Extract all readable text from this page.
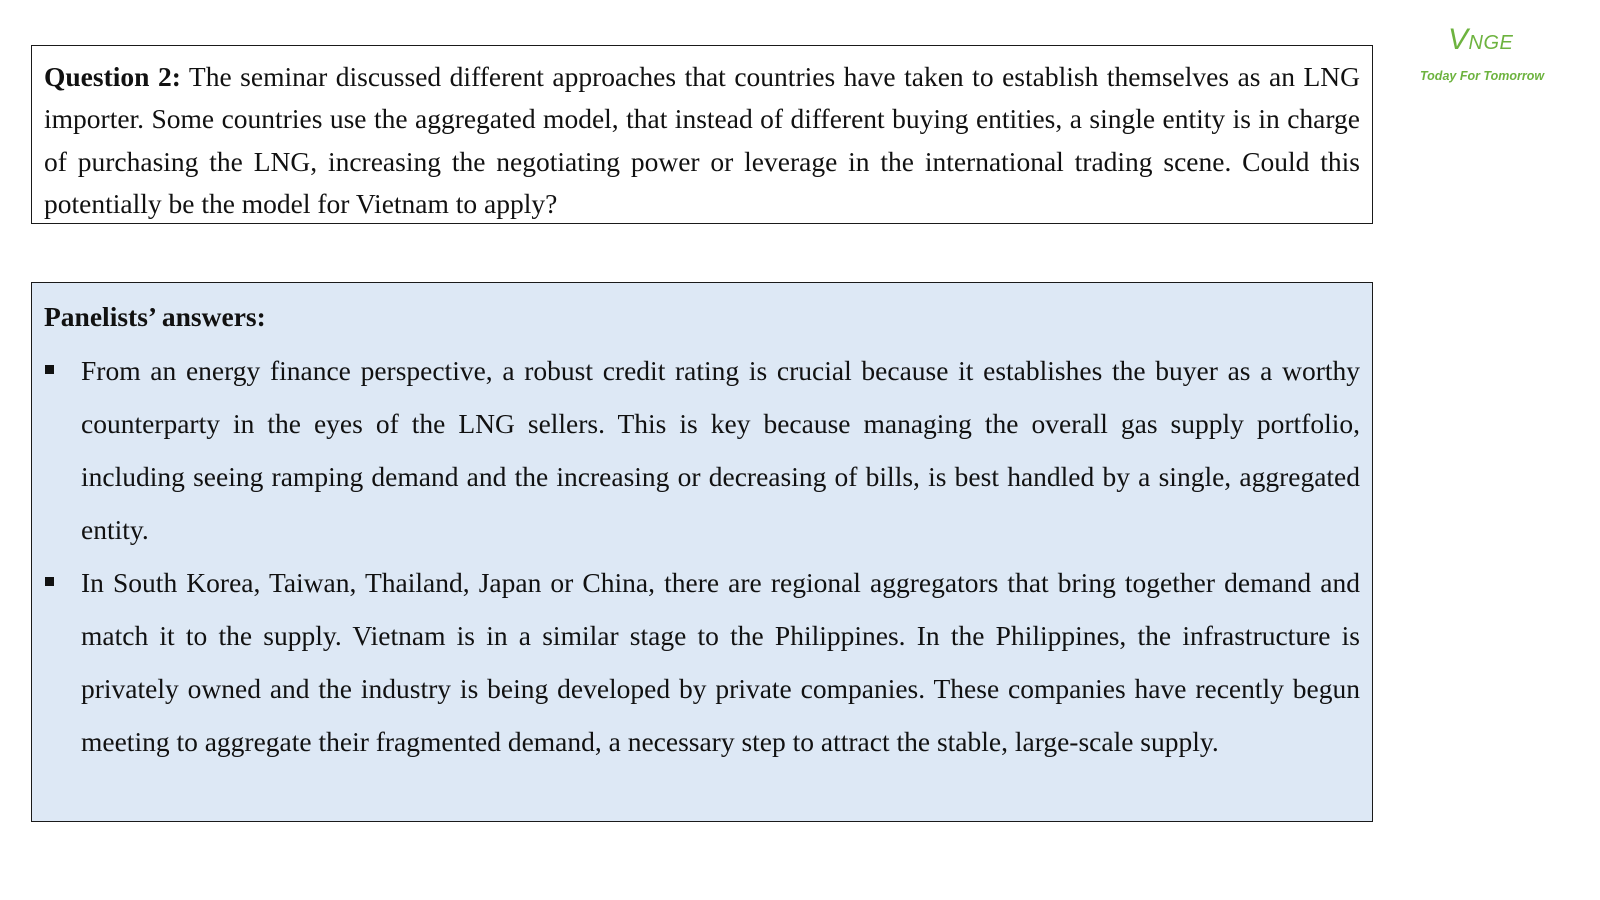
VNGE
Today For Tomorrow

Question 2: The seminar discussed different approaches that countries have taken to establish themselves as an LNG importer. Some countries use the aggregated model, that instead of different buying entities, a single entity is in charge of purchasing the LNG, increasing the negotiating power or leverage in the international trading scene. Could this potentially be the model for Vietnam to apply?

Panelists’ answers:

From an energy finance perspective, a robust credit rating is crucial because it establishes the buyer as a worthy counterparty in the eyes of the LNG sellers. This is key because managing the overall gas supply portfolio, including seeing ramping demand and the increasing or decreasing of bills, is best handled by a single, aggregated entity.
In South Korea, Taiwan, Thailand, Japan or China, there are regional aggregators that bring together demand and match it to the supply. Vietnam is in a similar stage to the Philippines. In the Philippines, the infrastructure is privately owned and the industry is being developed by private companies. These companies have recently begun meeting to aggregate their fragmented demand, a necessary step to attract the stable, large-scale supply.
